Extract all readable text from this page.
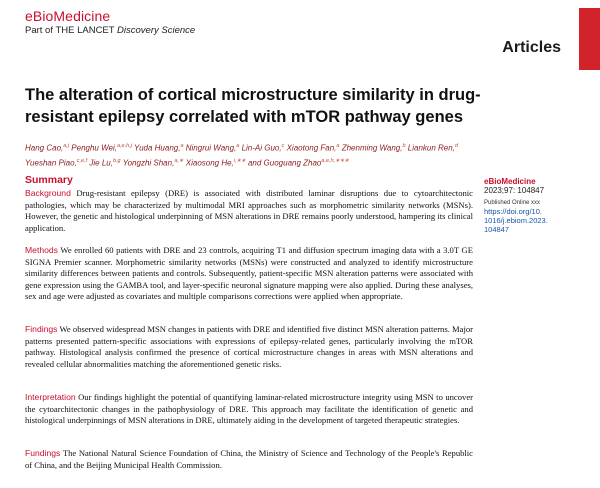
eBioMedicine
Part of THE LANCET Discovery Science
Articles
The alteration of cortical microstructure similarity in drug-resistant epilepsy correlated with mTOR pathway genes
Hang Cao,$^{a,j}$ Penghu Wei,$^{a,e,h,j}$ Yuda Huang,$^a$ Ningrui Wang,$^a$ Lin-Ai Guo,$^c$ Xiaotong Fan,$^a$ Zhenming Wang,$^b$ Liankun Ren,$^d$ Yueshan Piao,$^{c,e,f}$ Jie Lu,$^{b,g}$ Yongzhi Shan,$^{a,∗}$ Xiaosong He,$^{i,∗∗}$ and Guoguang Zhao$^{a,e,h,∗∗∗}$
Summary

Background Drug-resistant epilepsy (DRE) is associated with distributed laminar disruptions due to cytoarchitectonic pathologies, which may be characterized by multimodal MRI approaches such as morphometric similarity networks (MSNs). However, the genetic and histological underpinning of MSN alterations in DRE remains poorly understood, hampering its clinical application.

Methods We enrolled 60 patients with DRE and 23 controls, acquiring T1 and diffusion spectrum imaging data with a 3.0T GE SIGNA Premier scanner. Morphometric similarity networks (MSNs) were constructed and analyzed to identify microstructure similarity differences between patients and controls. Subsequently, patient-specific MSN alteration patterns were associated with gene expression using the GAMBA tool, and layer-specific neuronal signature mapping were also applied. During these analyses, sex and age were adjusted as covariates and multiple comparisons corrections were applied when appropriate.

Findings We observed widespread MSN changes in patients with DRE and identified five distinct MSN alteration patterns. Major patterns presented pattern-specific associations with expressions of epilepsy-related genes, particularly involving the mTOR pathway. Histological analysis confirmed the presence of cortical microstructure changes in areas with MSN alterations and revealed cellular abnormalities matching the aforementioned genetic risks.

Interpretation Our findings highlight the potential of quantifying laminar-related microstructure integrity using MSN to uncover the cytoarchitectonic changes in the pathophysiology of DRE. This approach may facilitate the identification of genetic and histological underpinnings of MSN alterations in DRE, ultimately aiding in the development of targeted therapeutic strategies.

Fundings The National Natural Science Foundation of China, the Ministry of Science and Technology of the People's Republic of China, and the Beijing Municipal Health Commission.

eBioMedicine
2023;97: 104847
Published Online xxx
https://doi.org/10.
1016/j.ebiom.2023.
104847
